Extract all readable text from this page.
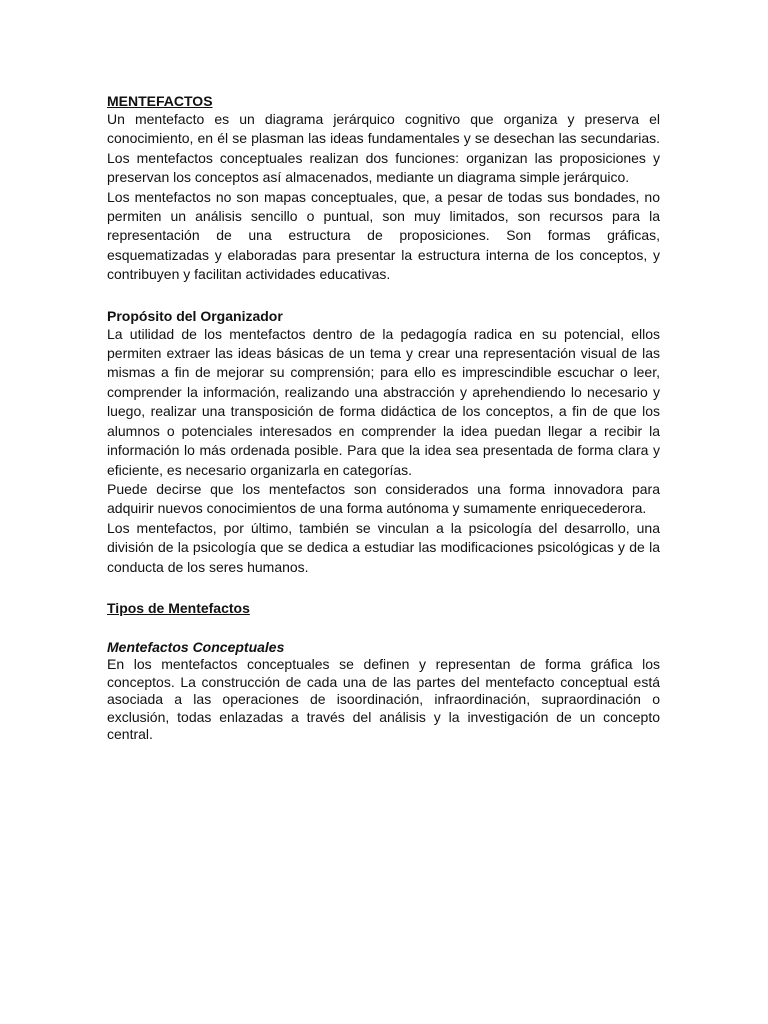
MENTEFACTOS

Un mentefacto es un diagrama jerárquico cognitivo que organiza y preserva el conocimiento, en él se plasman las ideas fundamentales y se desechan las secundarias. Los mentefactos conceptuales realizan dos funciones: organizan las proposiciones y preservan los conceptos así almacenados, mediante un diagrama simple jerárquico.

Los mentefactos no son mapas conceptuales, que, a pesar de todas sus bondades, no permiten un análisis sencillo o puntual, son muy limitados, son recursos para la representación de una estructura de proposiciones. Son formas gráficas, esquematizadas y elaboradas para presentar la estructura interna de los conceptos, y contribuyen y facilitan actividades educativas.

Propósito del Organizador

La utilidad de los mentefactos dentro de la pedagogía radica en su potencial, ellos permiten extraer las ideas básicas de un tema y crear una representación visual de las mismas a fin de mejorar su comprensión; para ello es imprescindible escuchar o leer, comprender la información, realizando una abstracción y aprehendiendo lo necesario y luego, realizar una transposición de forma didáctica de los conceptos, a fin de que los alumnos o potenciales interesados en comprender la idea puedan llegar a recibir la información lo más ordenada posible. Para que la idea sea presentada de forma clara y eficiente, es necesario organizarla en categorías.

Puede decirse que los mentefactos son considerados una forma innovadora para adquirir nuevos conocimientos de una forma autónoma y sumamente enriquecederora.

Los mentefactos, por último, también se vinculan a la psicología del desarrollo, una división de la psicología que se dedica a estudiar las modificaciones psicológicas y de la conducta de los seres humanos.

Tipos de Mentefactos
Mentefactos Conceptuales

En los mentefactos conceptuales se definen y representan de forma gráfica los conceptos. La construcción de cada una de las partes del mentefacto conceptual está asociada a las operaciones de isoordinación, infraordinación, supraordinación o exclusión, todas enlazadas a través del análisis y la investigación de un concepto central.
